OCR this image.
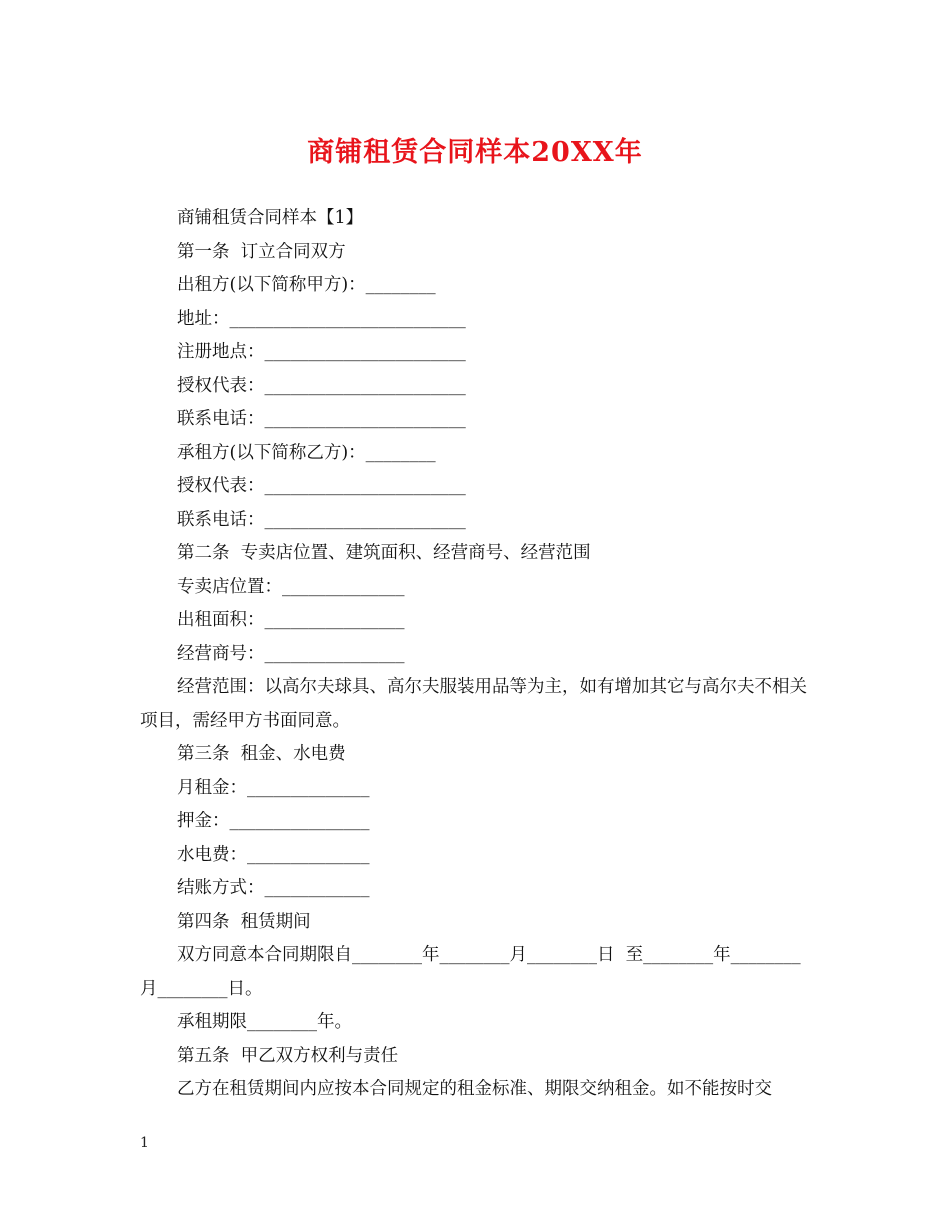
商铺租赁合同样本20XX年

商铺租赁合同样本【1】

第一条  订立合同双方

出租方(以下简称甲方)：________

地址：___________________________

注册地点：_______________________

授权代表：_______________________

联系电话：_______________________

承租方(以下简称乙方)：________

授权代表：_______________________

联系电话：_______________________

第二条  专卖店位置、建筑面积、经营商号、经营范围

专卖店位置：______________

出租面积：________________

经营商号：________________

经营范围：以高尔夫球具、高尔夫服装用品等为主，如有增加其它与高尔夫不相关项目，需经甲方书面同意。

第三条  租金、水电费

月租金：______________

押金：________________

水电费：______________

结账方式：____________

第四条  租赁期间

双方同意本合同期限自________年________月________日  至________年________月________日。

承租期限________年。

第五条  甲乙双方权利与责任

乙方在租赁期间内应按本合同规定的租金标准、期限交纳租金。如不能按时交

1
